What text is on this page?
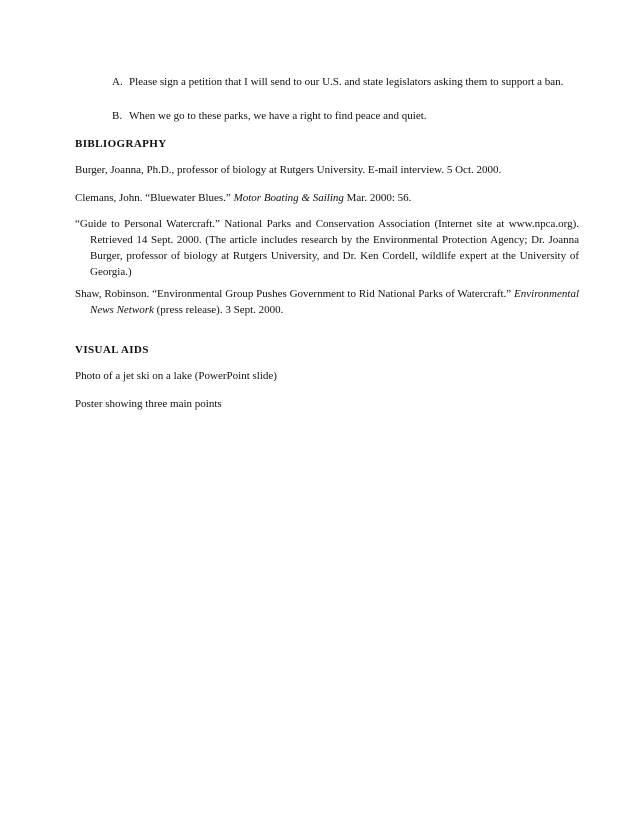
A. Please sign a petition that I will send to our U.S. and state legislators asking them to support a ban.
B. When we go to these parks, we have a right to find peace and quiet.
BIBLIOGRAPHY
Burger, Joanna, Ph.D., professor of biology at Rutgers University. E-mail interview. 5 Oct. 2000.
Clemans, John. “Bluewater Blues.” Motor Boating & Sailing Mar. 2000: 56.
“Guide to Personal Watercraft.” National Parks and Conservation Association (Internet site at www.npca.org). Retrieved 14 Sept. 2000. (The article includes research by the Environmental Protection Agency; Dr. Joanna Burger, professor of biology at Rutgers University, and Dr. Ken Cordell, wildlife expert at the University of Georgia.)
Shaw, Robinson. “Environmental Group Pushes Government to Rid National Parks of Watercraft.” Environmental News Network (press release). 3 Sept. 2000.
VISUAL AIDS
Photo of a jet ski on a lake (PowerPoint slide)
Poster showing three main points
